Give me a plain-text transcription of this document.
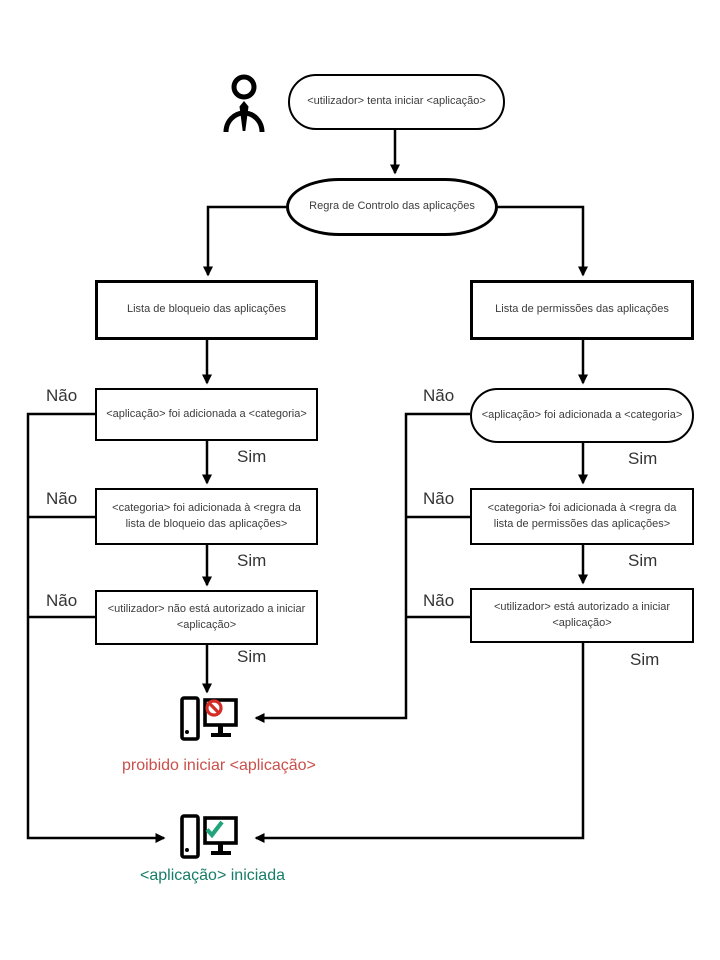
<utilizador> tenta iniciar <aplicação>
Regra de Controlo das aplicações
Lista de bloqueio das aplicações	Lista de permissões das aplicações
<aplicação> foi adicionada a <categoria>	<aplicação> foi adicionada a <categoria>
<categoria> foi adicionada à <regra da
lista de bloqueio das aplicações>
<categoria> foi adicionada à <regra da
lista de permissões das aplicações>
<utilizador> não está autorizado a iniciar
<aplicação>
<utilizador> está autorizado a iniciar
<aplicação>
Não
Não
Não
Não
Não
Não
Sim
Sim
Sim
Sim
Sim
Sim
proibido iniciar <aplicação>
<aplicação> iniciada
